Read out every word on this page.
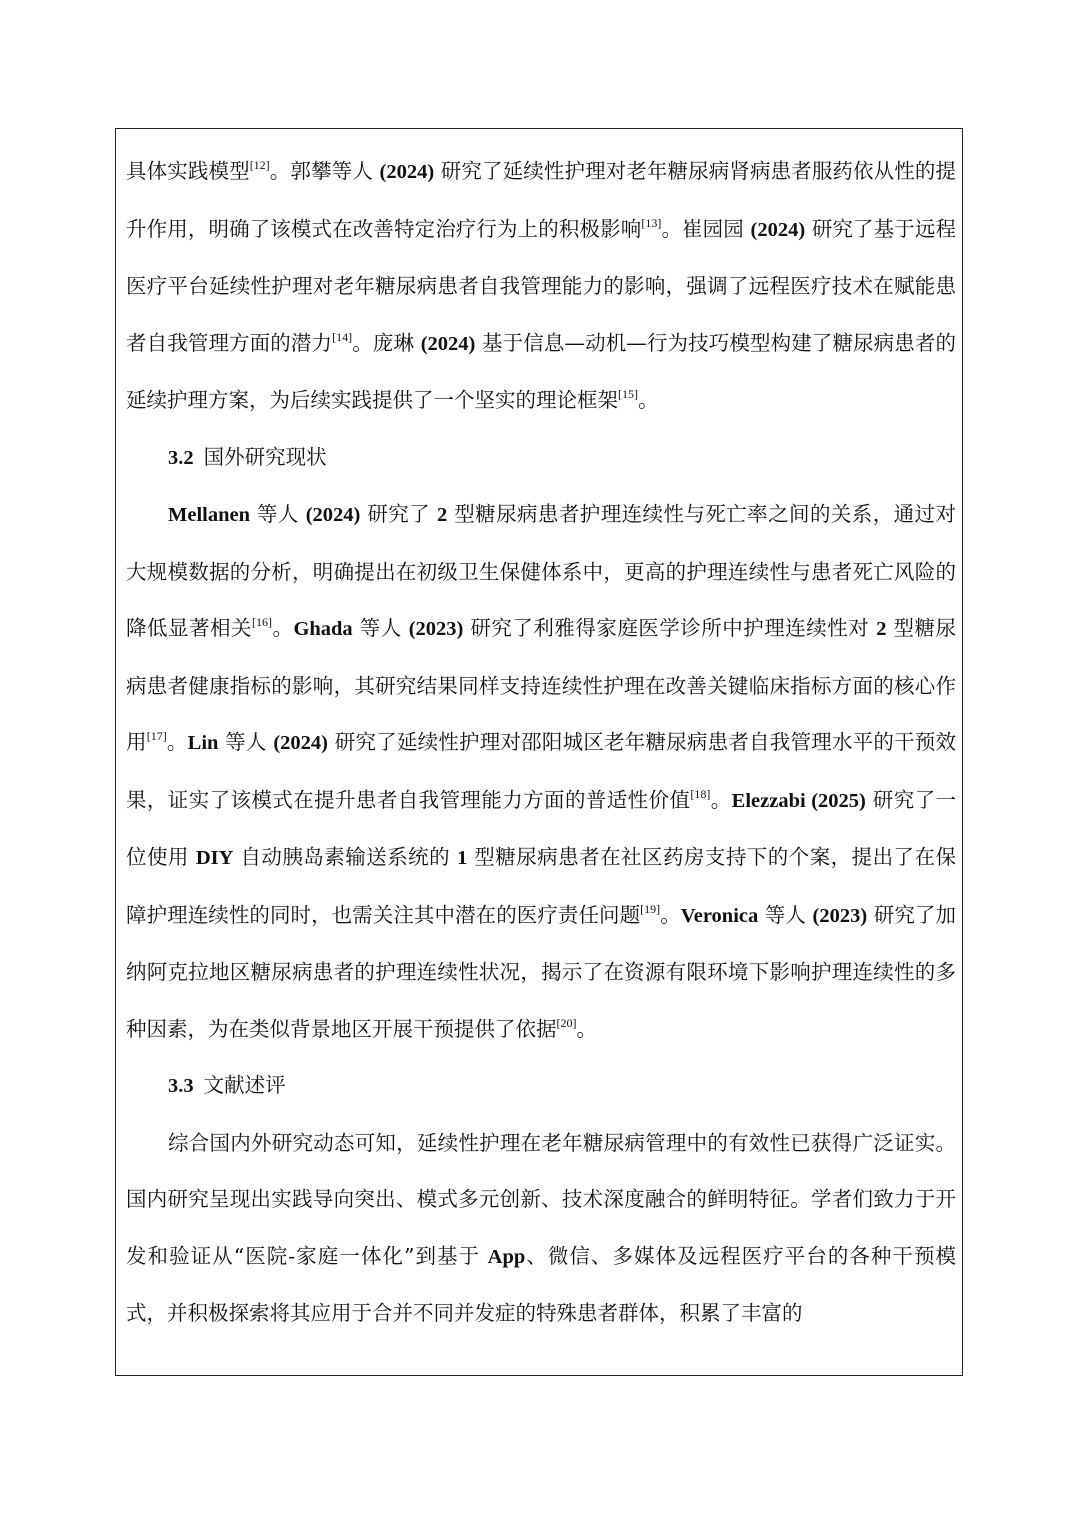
具体实践模型[12]。郭攀等人 (2024) 研究了延续性护理对老年糖尿病肾病患者服药依从性的提升作用，明确了该模式在改善特定治疗行为上的积极影响[13]。崔园园 (2024) 研究了基于远程医疗平台延续性护理对老年糖尿病患者自我管理能力的影响，强调了远程医疗技术在赋能患者自我管理方面的潜力[14]。庞琳 (2024) 基于信息—动机—行为技巧模型构建了糖尿病患者的延续护理方案，为后续实践提供了一个坚实的理论框架[15]。

3.2 国外研究现状

Mellanen 等人 (2024) 研究了 2 型糖尿病患者护理连续性与死亡率之间的关系，通过对大规模数据的分析，明确提出在初级卫生保健体系中，更高的护理连续性与患者死亡风险的降低显著相关[16]。Ghada 等人 (2023) 研究了利雅得家庭医学诊所中护理连续性对 2 型糖尿病患者健康指标的影响，其研究结果同样支持连续性护理在改善关键临床指标方面的核心作用[17]。Lin 等人 (2024) 研究了延续性护理对邵阳城区老年糖尿病患者自我管理水平的干预效果，证实了该模式在提升患者自我管理能力方面的普适性价值[18]。Elezzabi (2025) 研究了一位使用 DIY 自动胰岛素输送系统的 1 型糖尿病患者在社区药房支持下的个案，提出了在保障护理连续性的同时，也需关注其中潜在的医疗责任问题[19]。Veronica 等人 (2023) 研究了加纳阿克拉地区糖尿病患者的护理连续性状况，揭示了在资源有限环境下影响护理连续性的多种因素，为在类似背景地区开展干预提供了依据[20]。

3.3 文献述评

综合国内外研究动态可知，延续性护理在老年糖尿病管理中的有效性已获得广泛证实。国内研究呈现出实践导向突出、模式多元创新、技术深度融合的鲜明特征。学者们致力于开发和验证从“医院-家庭一体化”到基于 App、微信、多媒体及远程医疗平台的各种干预模式，并积极探索将其应用于合并不同并发症的特殊患者群体，积累了丰富的
